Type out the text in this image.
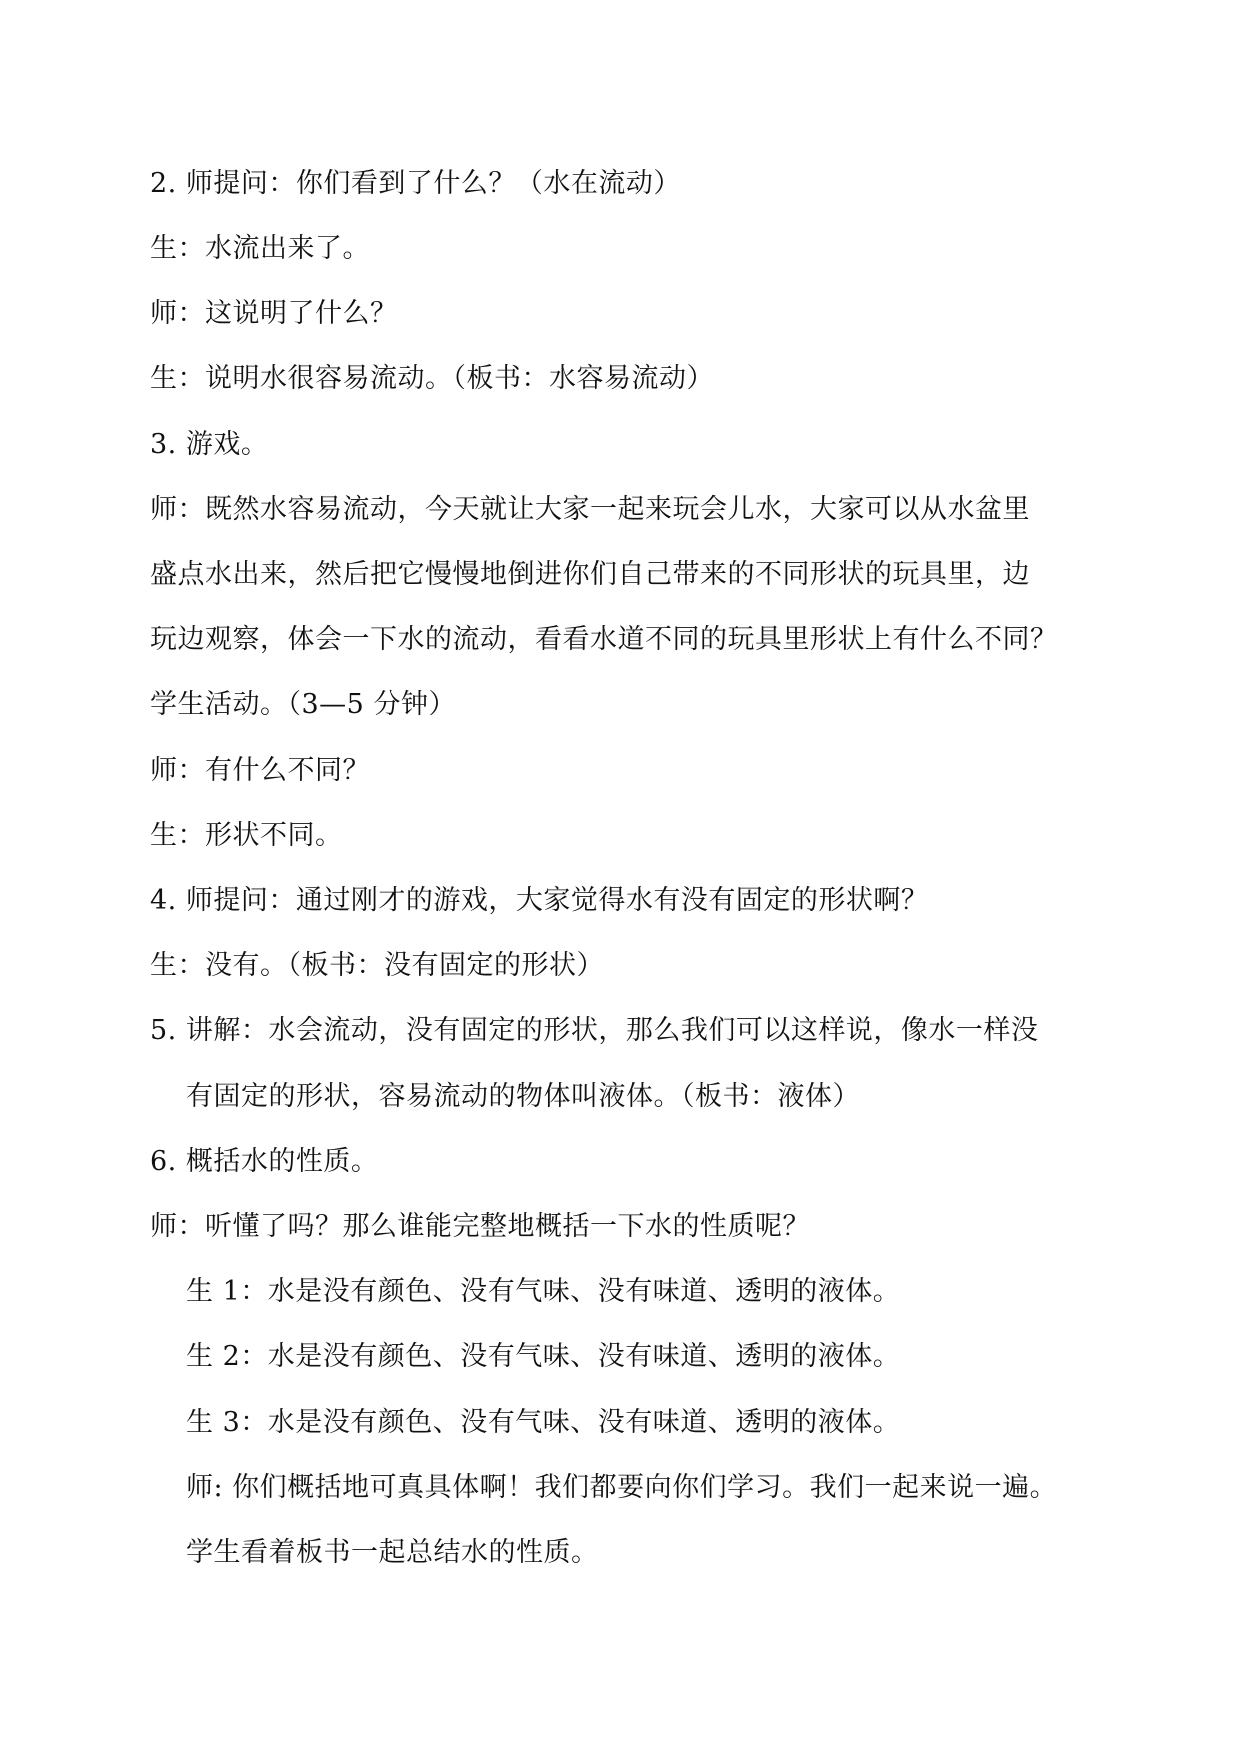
2. 师提问：你们看到了什么？（水在流动）
生：水流出来了。
师：这说明了什么？
生：说明水很容易流动。（板书：水容易流动）
3. 游戏。
师：既然水容易流动，今天就让大家一起来玩会儿水，大家可以从水盆里
盛点水出来，然后把它慢慢地倒进你们自己带来的不同形状的玩具里，边
玩边观察，体会一下水的流动，看看水道不同的玩具里形状上有什么不同？
学生活动。（3—5 分钟）
师：有什么不同？
生：形状不同。
4. 师提问：通过刚才的游戏，大家觉得水有没有固定的形状啊？
生：没有。（板书：没有固定的形状）
5. 讲解：水会流动，没有固定的形状，那么我们可以这样说，像水一样没
有固定的形状，容易流动的物体叫液体。（板书：液体）
6. 概括水的性质。
师：听懂了吗？那么谁能完整地概括一下水的性质呢？
生 1：水是没有颜色、没有气味、没有味道、透明的液体。
生 2：水是没有颜色、没有气味、没有味道、透明的液体。
生 3：水是没有颜色、没有气味、没有味道、透明的液体。
师: 你们概括地可真具体啊！我们都要向你们学习。我们一起来说一遍。
学生看着板书一起总结水的性质。
